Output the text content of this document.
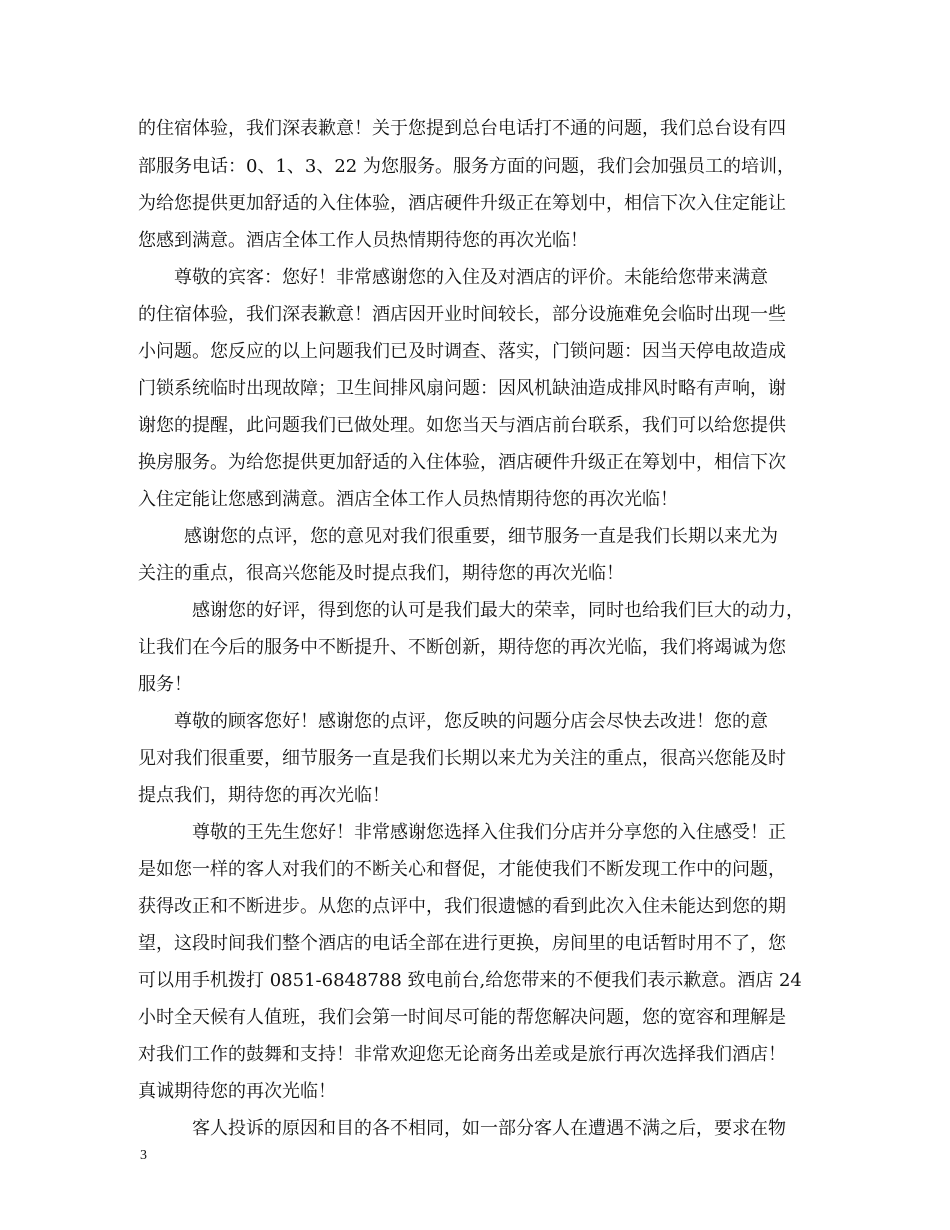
的住宿体验，我们深表歉意！关于您提到总台电话打不通的问题，我们总台设有四
部服务电话：0、1、3、22 为您服务。服务方面的问题，我们会加强员工的培训，
为给您提供更加舒适的入住体验，酒店硬件升级正在筹划中，相信下次入住定能让
您感到满意。酒店全体工作人员热情期待您的再次光临！
尊敬的宾客：您好！非常感谢您的入住及对酒店的评价。未能给您带来满意
的住宿体验，我们深表歉意！酒店因开业时间较长，部分设施难免会临时出现一些
小问题。您反应的以上问题我们已及时调查、落实，门锁问题：因当天停电故造成
门锁系统临时出现故障；卫生间排风扇问题：因风机缺油造成排风时略有声响，谢
谢您的提醒，此问题我们已做处理。如您当天与酒店前台联系，我们可以给您提供
换房服务。为给您提供更加舒适的入住体验，酒店硬件升级正在筹划中，相信下次
入住定能让您感到满意。酒店全体工作人员热情期待您的再次光临！
感谢您的点评，您的意见对我们很重要，细节服务一直是我们长期以来尤为
关注的重点，很高兴您能及时提点我们，期待您的再次光临！
感谢您的好评，得到您的认可是我们最大的荣幸，同时也给我们巨大的动力，
让我们在今后的服务中不断提升、不断创新，期待您的再次光临，我们将竭诚为您
服务！
尊敬的顾客您好！感谢您的点评，您反映的问题分店会尽快去改进！您的意
见对我们很重要，细节服务一直是我们长期以来尤为关注的重点，很高兴您能及时
提点我们，期待您的再次光临！
尊敬的王先生您好！非常感谢您选择入住我们分店并分享您的入住感受！正
是如您一样的客人对我们的不断关心和督促，才能使我们不断发现工作中的问题，
获得改正和不断进步。从您的点评中，我们很遗憾的看到此次入住未能达到您的期
望，这段时间我们整个酒店的电话全部在进行更换，房间里的电话暂时用不了，您
可以用手机拨打 0851-6848788 致电前台,给您带来的不便我们表示歉意。酒店 24
小时全天候有人值班，我们会第一时间尽可能的帮您解决问题，您的宽容和理解是
对我们工作的鼓舞和支持！非常欢迎您无论商务出差或是旅行再次选择我们酒店！
真诚期待您的再次光临！
客人投诉的原因和目的各不相同，如一部分客人在遭遇不满之后，要求在物
3
